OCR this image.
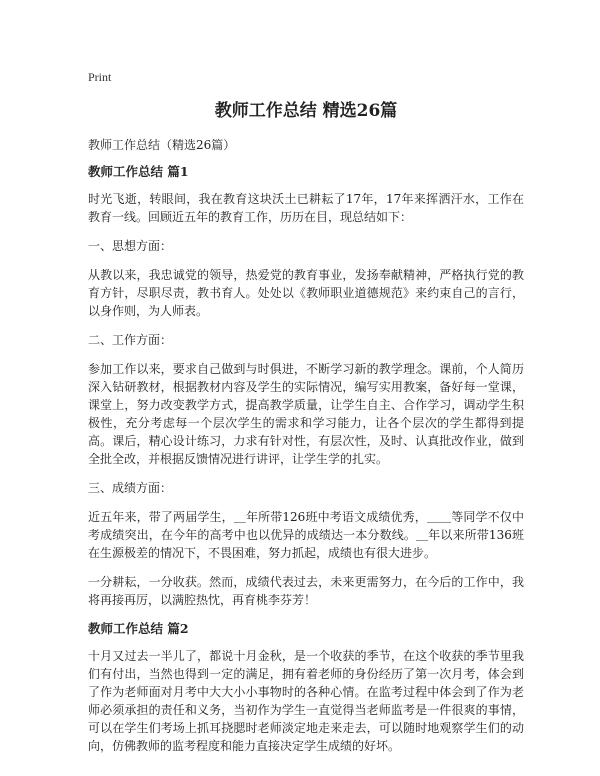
Print
教师工作总结 精选26篇
教师工作总结（精选26篇）
教师工作总结 篇1

时光飞逝，转眼间，我在教育这块沃土已耕耘了17年，17年来挥洒汗水，工作在教育一线。回顾近五年的教育工作，历历在目，现总结如下：

一、思想方面：

从教以来，我忠诚党的领导，热爱党的教育事业，发扬奉献精神，严格执行党的教育方针，尽职尽责，教书育人。处处以《教师职业道德规范》来约束自己的言行，以身作则，为人师表。

二、工作方面：

参加工作以来，要求自己做到与时俱进，不断学习新的教学理念。课前，个人简历深入钻研教材，根据教材内容及学生的实际情况，编写实用教案，备好每一堂课，课堂上，努力改变教学方式，提高教学质量，让学生自主、合作学习，调动学生积极性，充分考虑每一个层次学生的需求和学习能力，让各个层次的学生都得到提高。课后，精心设计练习，力求有针对性，有层次性，及时、认真批改作业，做到全批全改，并根据反馈情况进行讲评，让学生学的扎实。

三、成绩方面：

近五年来，带了两届学生，＿年所带126班中考语文成绩优秀，＿＿等同学不仅中考成绩突出，在今年的高考中也以优异的成绩达一本分数线。＿年以来所带136班在生源极差的情况下，不畏困难，努力抓起，成绩也有很大进步。

一分耕耘，一分收获。然而，成绩代表过去，未来更需努力，在今后的工作中，我将再接再厉，以满腔热忱，再育桃李芬芳！

教师工作总结 篇2

十月又过去一半儿了，都说十月金秋，是一个收获的季节，在这个收获的季节里我们有付出，当然也得到一定的满足，拥有着老师的身份经历了第一次月考，体会到了作为老师面对月考中大大小小事物时的各种心情。在监考过程中体会到了作为老师必须承担的责任和义务，当初作为学生一直觉得当老师监考是一件很爽的事情，可以在学生们考场上抓耳挠腮时老师淡定地走来走去，可以随时地观察学生们的动向，仿佛教师的监考程度和能力直接决定学生成绩的好坏。
